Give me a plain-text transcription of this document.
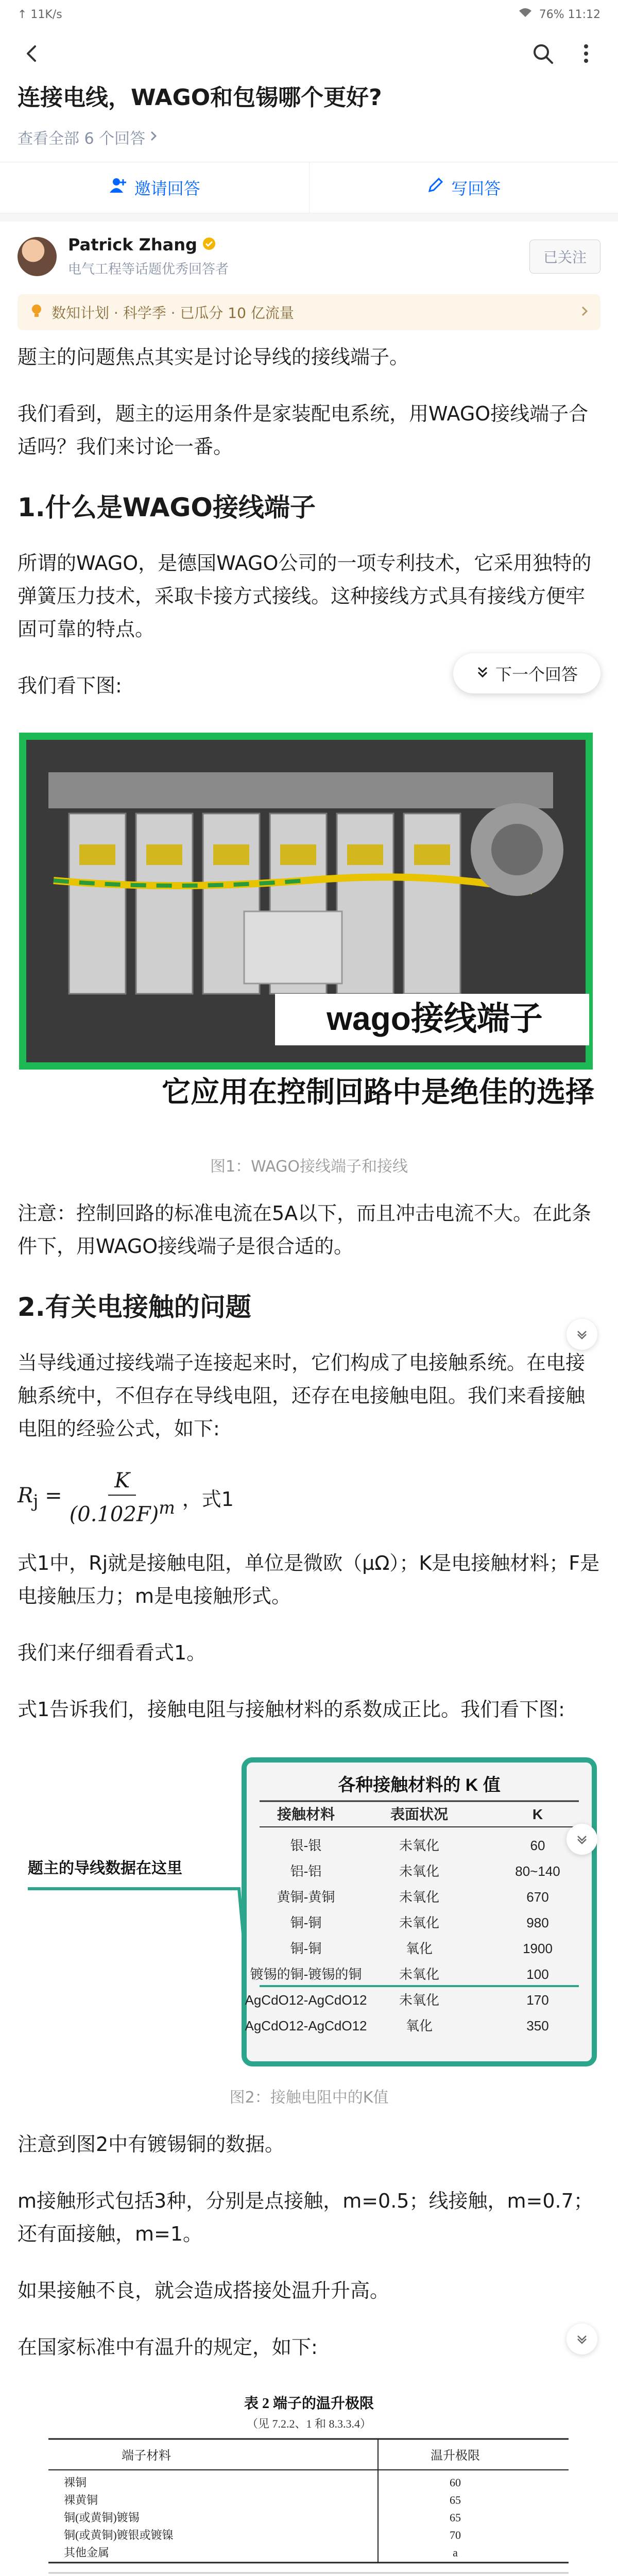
↑ 11K/s	76% 11:12
连接电线，WAGO和包锡哪个更好?
查看全部 6 个回答
邀请回答	写回答
Patrick Zhang
电气工程等话题优秀回答者
已关注
数知计划 · 科学季 · 已瓜分 10 亿流量
下一个回答

题主的问题焦点其实是讨论导线的接线端子。

我们看到，题主的运用条件是家装配电系统，用WAGO接线端子合适吗？我们来讨论一番。

1.什么是WAGO接线端子

所谓的WAGO，是德国WAGO公司的一项专利技术，它采用独特的弹簧压力技术，采取卡接方式接线。这种接线方式具有接线方便牢固可靠的特点。

我们看下图:

wago接线端子
它应用在控制回路中是绝佳的选择
图1：WAGO接线端子和接线

注意：控制回路的标准电流在5A以下，而且冲击电流不大。在此条件下，用WAGO接线端子是很合适的。

2.有关电接触的问题

当导线通过接线端子连接起来时，它们构成了电接触系统。在电接触系统中，不但存在导线电阻，还存在电接触电阻。我们来看接触电阻的经验公式，如下:

$R_j = \frac{K}{(0.102F)^m}$ ，式1

式1中，Rj就是接触电阻，单位是微欧（μΩ）；K是电接触材料；F是电接触压力；m是电接触形式。

我们来仔细看看式1。

式1告诉我们，接触电阻与接触材料的系数成正比。我们看下图:

各种接触材料的 K 值
接触材料	表面状况	K
银-银	未氧化	60
铝-铝	未氧化	80~140
黄铜-黄铜	未氧化	670
铜-铜	未氧化	980
铜-铜	氧化	1900
镀锡的铜-镀锡的铜	未氧化	100
AgCdO12-AgCdO12 未氧化	170
AgCdO12-AgCdO12	氧化	350
题主的导线数据在这里
图2：接触电阻中的K值

注意到图2中有镀锡铜的数据。

m接触形式包括3种，分别是点接触，m=0.5；线接触，m=0.7；还有面接触，m=1。

如果接触不良，就会造成搭接处温升升高。

在国家标准中有温升的规定，如下:

表 2 端子的温升极限
（见 7.2.2、1 和 8.3.3.4）
端子材料	温升极限
裸铜	60
裸黄铜	65
铜(或黄铜)镀锡	65
铜(或黄铜)镀银或镀镍	70
其他金属	a
